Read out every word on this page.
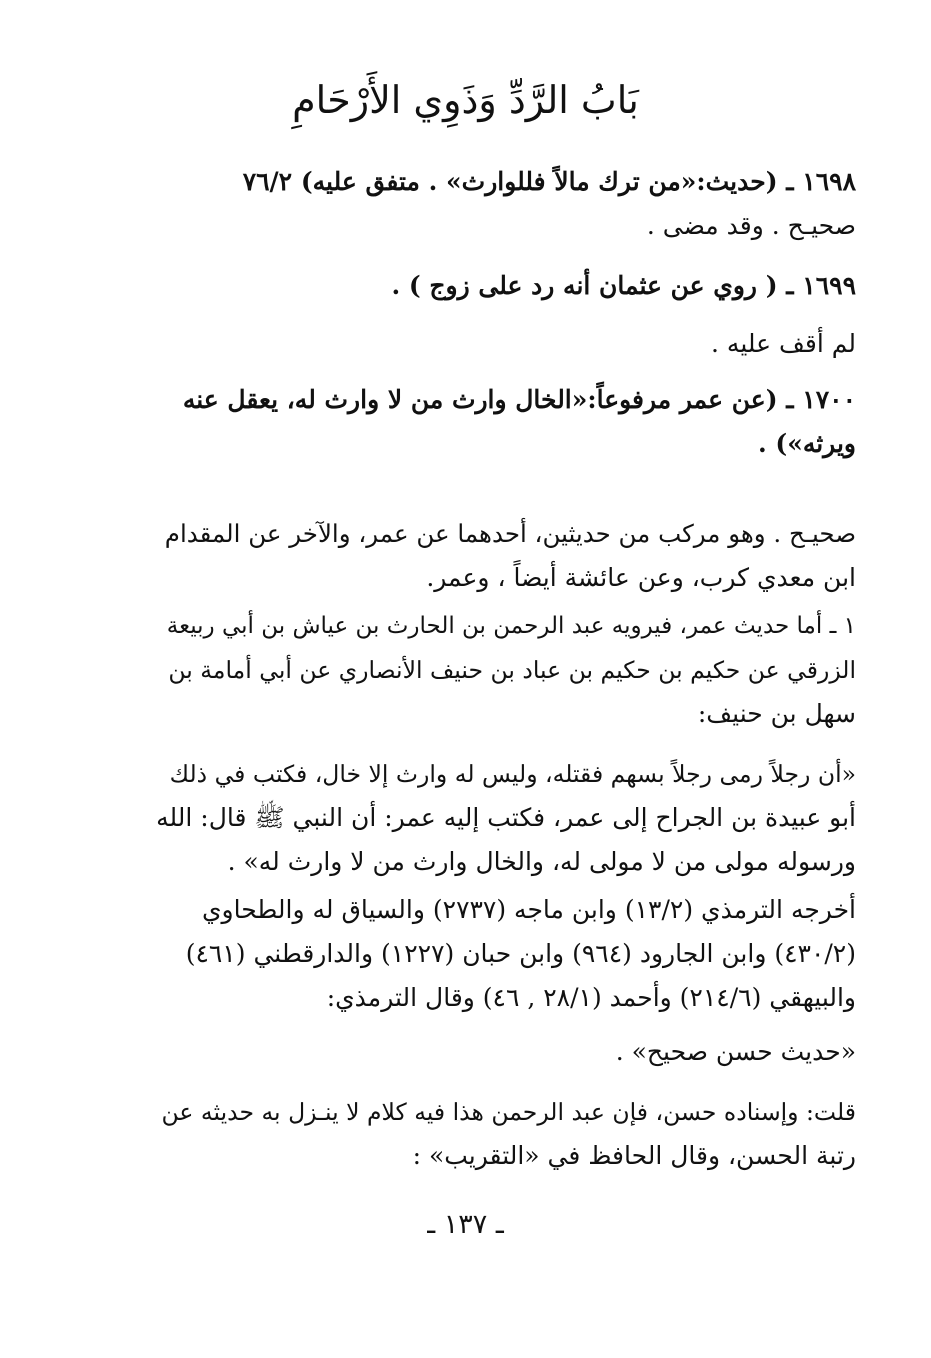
بَابُ الرَّدِّ وَذَوِي الأَرْحَامِ
١٦٩٨ ـ (حديث:«من ترك مالاً فللوارث» . متفق عليه) ٧٦/٢
صحيـح . وقد مضى .
١٦٩٩ ـ ( روي عن عثمان أنه رد على زوج ) .
لم أقف عليه .
١٧٠٠ ـ (عن عمر مرفوعاً:«الخال وارث من لا وارث له، يعقل عنه
ويرثه») .
صحيـح . وهو مركب من حديثين، أحدهما عن عمر، والآخر عن المقدام
ابن معدي كرب، وعن عائشة أيضاً ، وعمر.
١ ـ أما حديث عمر، فيرويه عبد الرحمن بن الحارث بن عياش بن أبي ربيعة
الزرقي عن حكيم بن حكيم بن عباد بن حنيف الأنصاري عن أبي أمامة بن
سهل بن حنيف:
«أن رجلاً رمى رجلاً بسهم فقتله، وليس له وارث إلا خال، فكتب في ذلك
أبو عبيدة بن الجراح إلى عمر، فكتب إليه عمر: أن النبي ﷺ قال: الله
ورسوله مولى من لا مولى له، والخال وارث من لا وارث له» .
أخرجه الترمذي (١٣/٢) وابن ماجه (٢٧٣٧) والسياق له والطحاوي
(٤٣٠/٢) وابن الجارود (٩٦٤) وابن حبان (١٢٢٧) والدارقطني (٤٦١)
والبيهقي (٢١٤/٦) وأحمد (٢٨/١ , ٤٦) وقال الترمذي:
«حديث حسن صحيح» .
قلت: وإسناده حسن، فإن عبد الرحمن هذا فيه كلام لا ينـزل به حديثه عن
رتبة الحسن، وقال الحافظ في «التقريب» :
ـ ١٣٧ ـ
